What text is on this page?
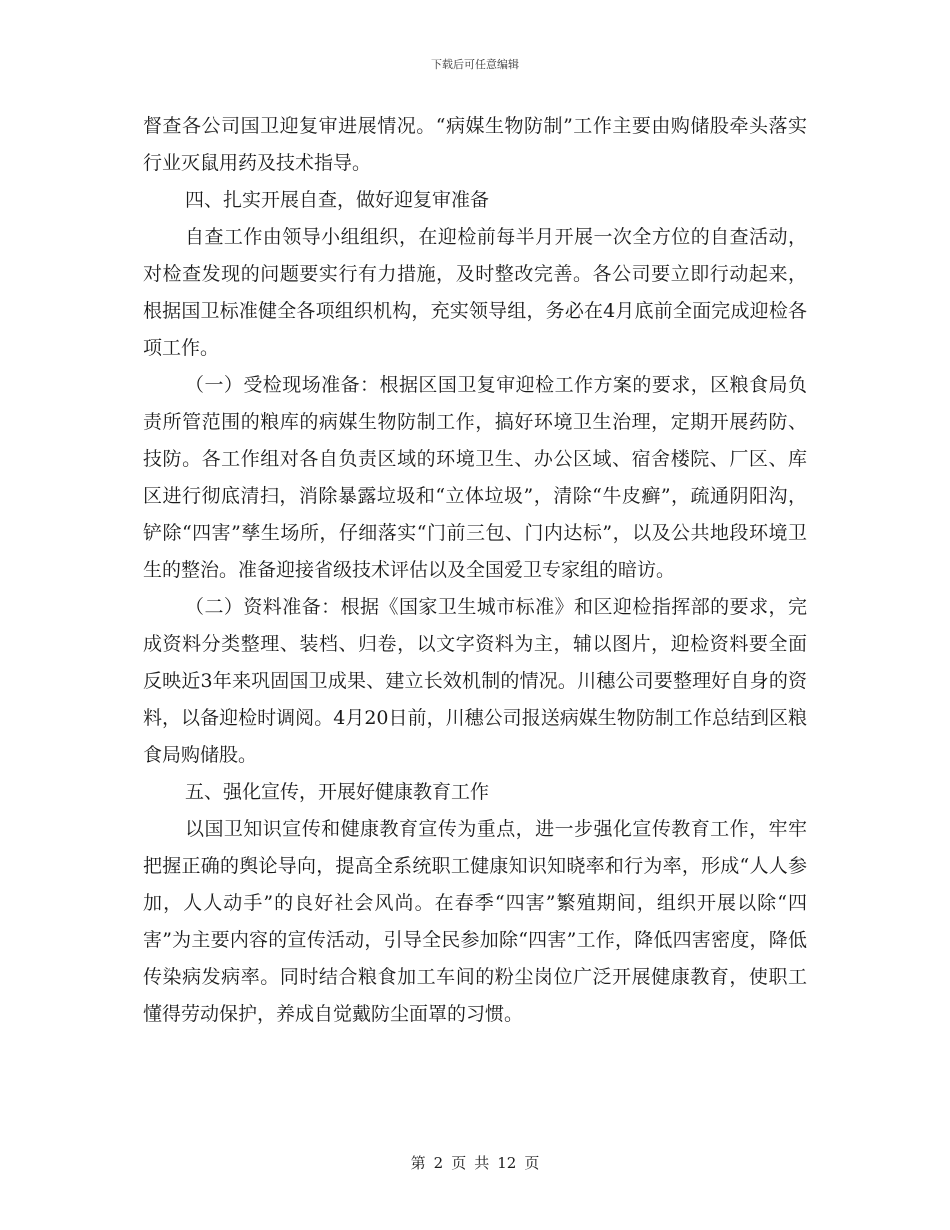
下载后可任意编辑

督查各公司国卫迎复审进展情况。“病媒生物防制”工作主要由购储股牵头落实行业灭鼠用药及技术指导。

四、扎实开展自查，做好迎复审准备

自查工作由领导小组组织，在迎检前每半月开展一次全方位的自查活动，对检查发现的问题要实行有力措施，及时整改完善。各公司要立即行动起来，根据国卫标准健全各项组织机构，充实领导组，务必在4月底前全面完成迎检各项工作。

（一）受检现场准备：根据区国卫复审迎检工作方案的要求，区粮食局负责所管范围的粮库的病媒生物防制工作，搞好环境卫生治理，定期开展药防、技防。各工作组对各自负责区域的环境卫生、办公区域、宿舍楼院、厂区、库区进行彻底清扫，消除暴露垃圾和“立体垃圾”，清除“牛皮癣”，疏通阴阳沟，铲除“四害”孳生场所，仔细落实“门前三包、门内达标”，以及公共地段环境卫生的整治。准备迎接省级技术评估以及全国爱卫专家组的暗访。

（二）资料准备：根据《国家卫生城市标准》和区迎检指挥部的要求，完成资料分类整理、装档、归卷，以文字资料为主，辅以图片，迎检资料要全面反映近3年来巩固国卫成果、建立长效机制的情况。川穗公司要整理好自身的资料，以备迎检时调阅。4月20日前，川穗公司报送病媒生物防制工作总结到区粮食局购储股。

五、强化宣传，开展好健康教育工作

以国卫知识宣传和健康教育宣传为重点，进一步强化宣传教育工作，牢牢把握正确的舆论导向，提高全系统职工健康知识知晓率和行为率，形成“人人参加，人人动手”的良好社会风尚。在春季“四害”繁殖期间，组织开展以除“四害”为主要内容的宣传活动，引导全民参加除“四害”工作，降低四害密度，降低传染病发病率。同时结合粮食加工车间的粉尘岗位广泛开展健康教育，使职工懂得劳动保护，养成自觉戴防尘面罩的习惯。

第 2 页 共 12 页
